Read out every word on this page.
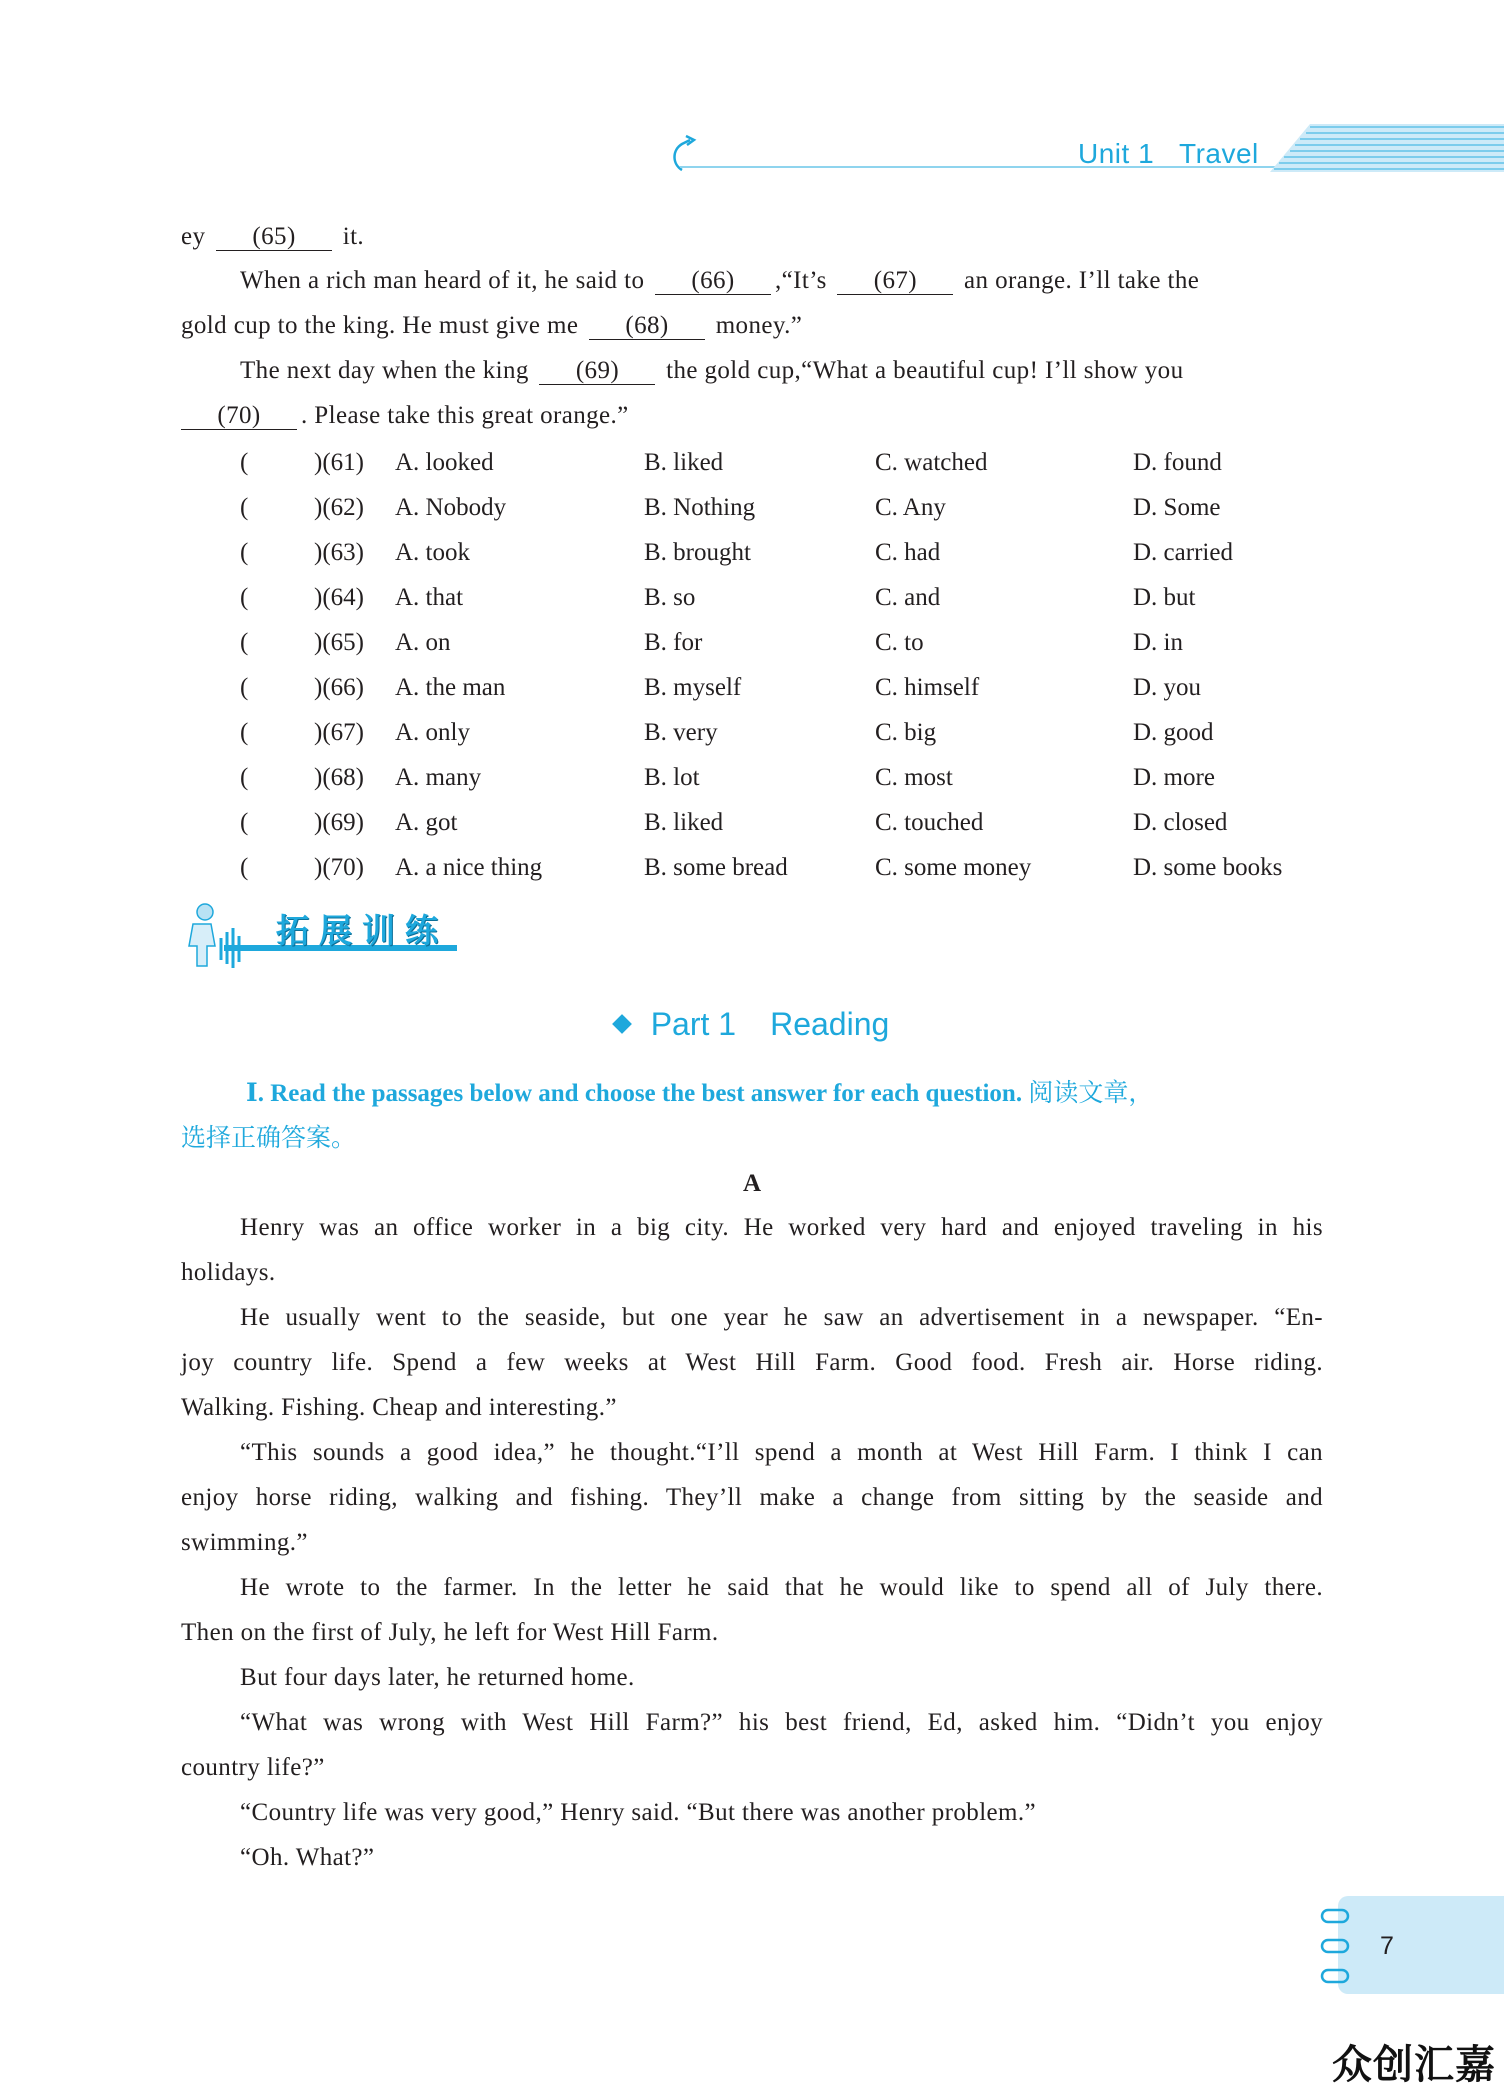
Unit 1 Travel
ey (65) it.
When a rich man heard of it, he said to (66) ,“It’s (67) an orange. I’ll take the
gold cup to the king. He must give me (68) money.”
The next day when the king (69) the gold cup,“What a beautiful cup! I’ll show you
(70) . Please take this great orange.”
(	)(61) A. looked	B. liked	C. watched	D. found
(	)(62) A. Nobody	B. Nothing	C. Any	D. Some
(	)(63) A. took	B. brought	C. had	D. carried
(	)(64) A. that	B. so	C. and	D. but
(	)(65) A. on	B. for	C. to	D. in
(	)(66) A. the man	B. myself	C. himself	D. you
(	)(67) A. only	B. very	C. big	D. good
(	)(68) A. many	B. lot	C. most	D. more
(	)(69) A. got	B. liked	C. touched	D. closed
(	)(70) A. a nice thing	B. some bread	C. some money	D. some books
拓展训练
Part 1 Reading
Ⅰ. Read the passages below and choose the best answer for each question. 阅读文章，
选择正确答案。
A
Henry was an office worker in a big city. He worked very hard and enjoyed traveling in his
holidays.
He usually went to the seaside, but one year he saw an advertisement in a newspaper. “En-
joy country life. Spend a few weeks at West Hill Farm. Good food. Fresh air. Horse riding.
Walking. Fishing. Cheap and interesting.”
“This sounds a good idea,” he thought.“I’ll spend a month at West Hill Farm. I think I can
enjoy horse riding, walking and fishing. They’ll make a change from sitting by the seaside and
swimming.”
He wrote to the farmer. In the letter he said that he would like to spend all of July there.
Then on the first of July, he left for West Hill Farm.
But four days later, he returned home.
“What was wrong with West Hill Farm?” his best friend, Ed, asked him. “Didn’t you enjoy
country life?”
“Country life was very good,” Henry said. “But there was another problem.”
“Oh. What?”
7
众创汇嘉
